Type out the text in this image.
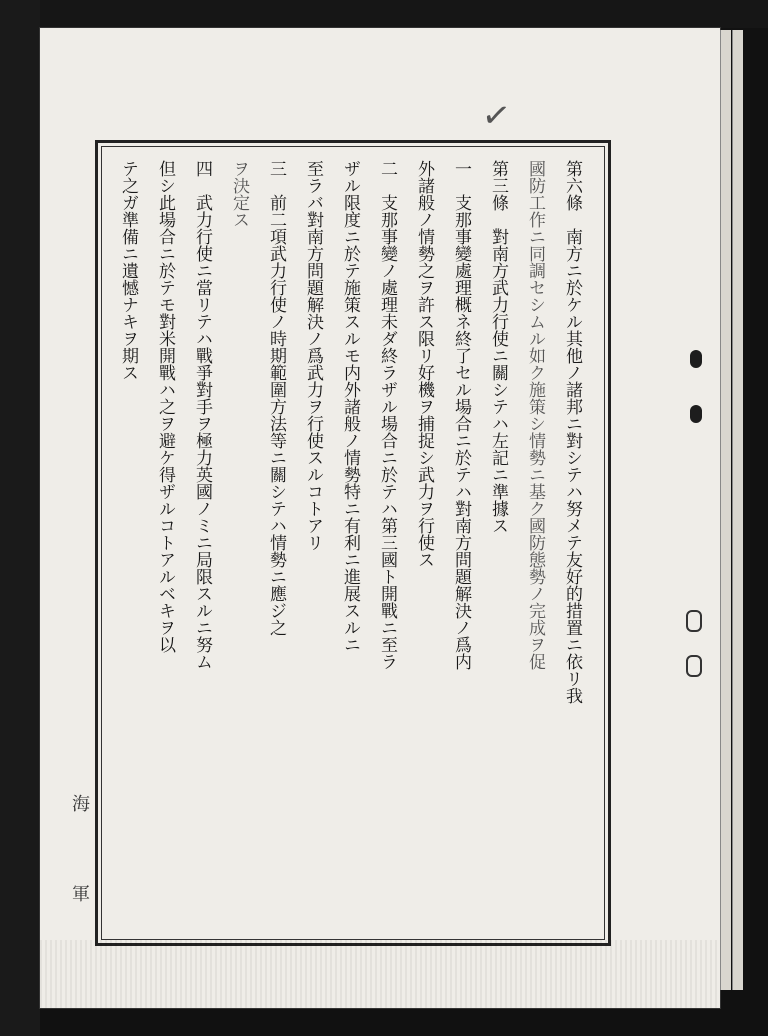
✓
第六條　南方ニ於ケル其他ノ諸邦ニ對シテハ努メテ友好的措置ニ依リ我
國防工作ニ同調セシムル如ク施策シ情勢ニ基ク國防態勢ノ完成ヲ促
第三條　對南方武力行使ニ關シテハ左記ニ準據ス
一　支那事變處理概ネ終了セル場合ニ於テハ對南方問題解決ノ爲内
外諸般ノ情勢之ヲ許ス限リ好機ヲ捕捉シ武力ヲ行使ス
二　支那事變ノ處理未ダ終ラザル場合ニ於テハ第三國ト開戰ニ至ラ
ザル限度ニ於テ施策スルモ内外諸般ノ情勢特ニ有利ニ進展スルニ
至ラバ對南方問題解決ノ爲武力ヲ行使スルコトアリ
三　前二項武力行使ノ時期範圍方法等ニ關シテハ情勢ニ應ジ之
ヲ決定ス
四　武力行使ニ當リテハ戰爭對手ヲ極力英國ノミニ局限スルニ努ム
但シ此場合ニ於テモ對米開戰ハ之ヲ避ケ得ザルコトアルベキヲ以
テ之ガ準備ニ遺憾ナキヲ期ス
海
軍
